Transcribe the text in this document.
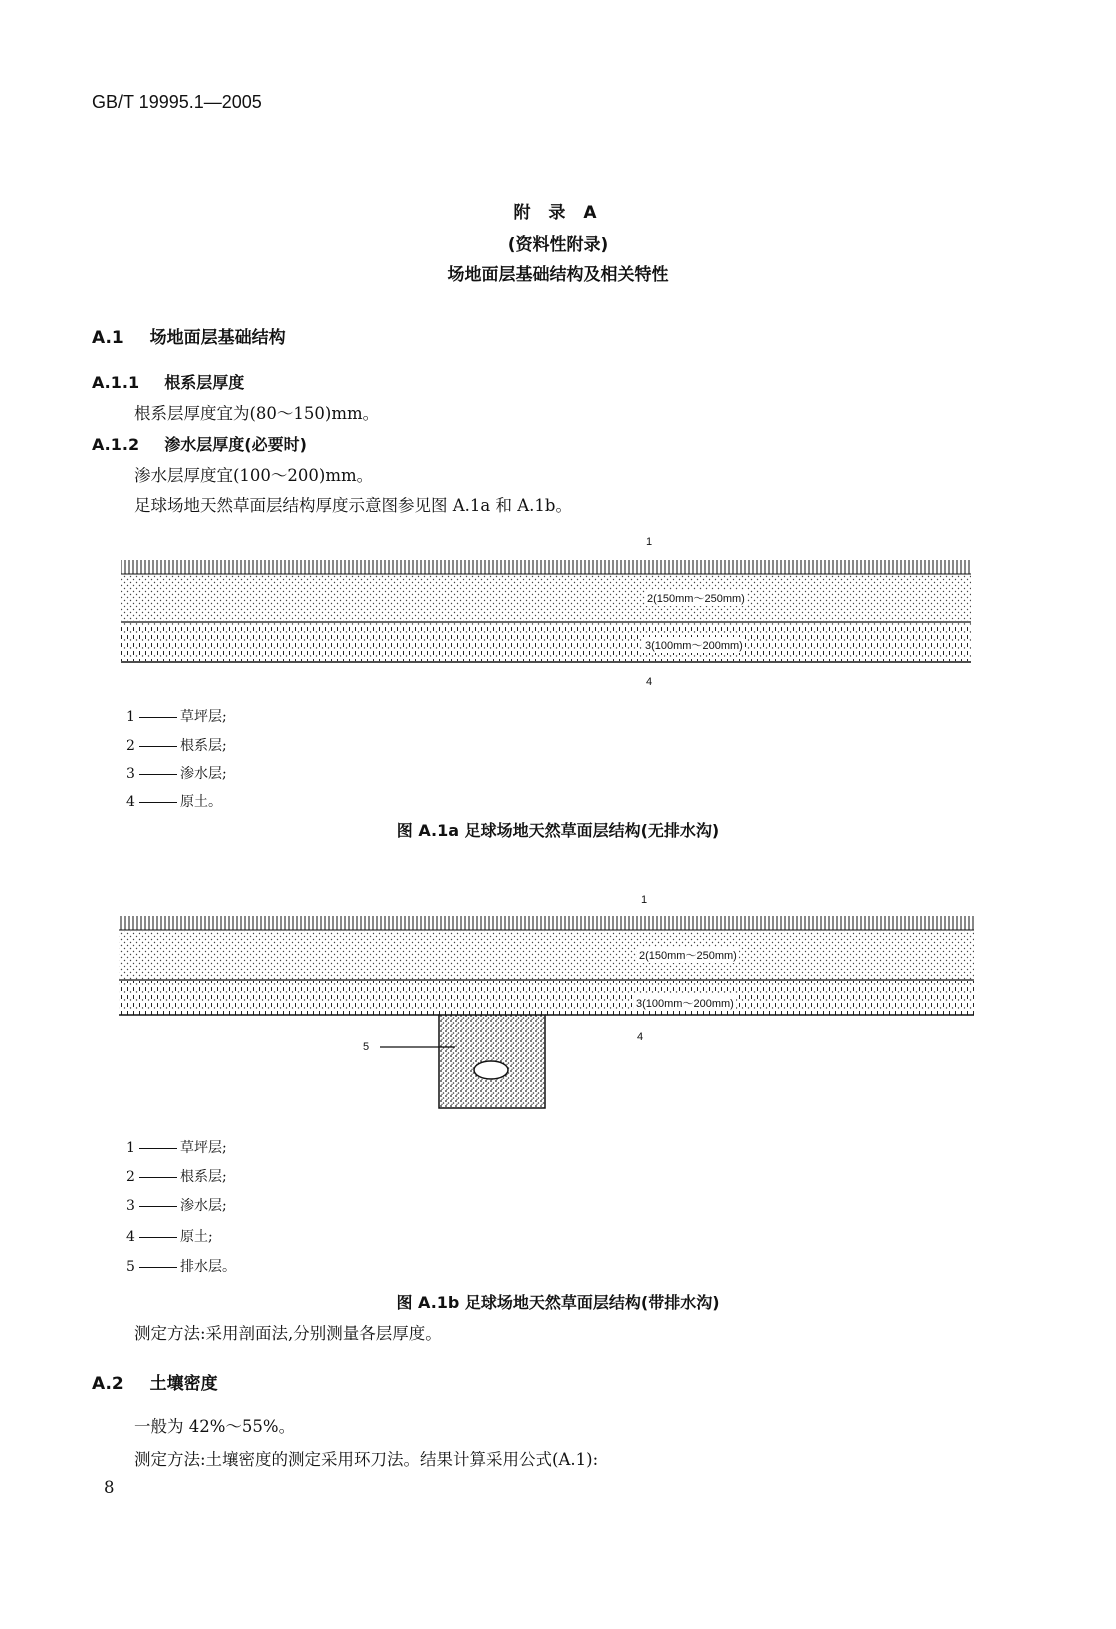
GB/T 19995.1—2005
附 录 A
(资料性附录)
场地面层基础结构及相关特性
A.1 场地面层基础结构
A.1.1 根系层厚度
根系层厚度宜为(80～150)mm。
A.1.2 渗水层厚度(必要时)
渗水层厚度宜(100～200)mm。
足球场地天然草面层结构厚度示意图参见图 A.1a 和 A.1b。
1
2(150mm～250mm)
3(100mm～200mm)
4
1	草坪层;
2	根系层;
3	渗水层;
4	原土。
图 A.1a 足球场地天然草面层结构(无排水沟)
1
2(150mm～250mm)
3(100mm～200mm)
4
5
1	草坪层;
2	根系层;
3	渗水层;
4	原土;
5	排水层。
图 A.1b 足球场地天然草面层结构(带排水沟)
测定方法:采用剖面法,分别测量各层厚度。
A.2 土壤密度
一般为 42%～55%。
测定方法:土壤密度的测定采用环刀法。结果计算采用公式(A.1):
8
